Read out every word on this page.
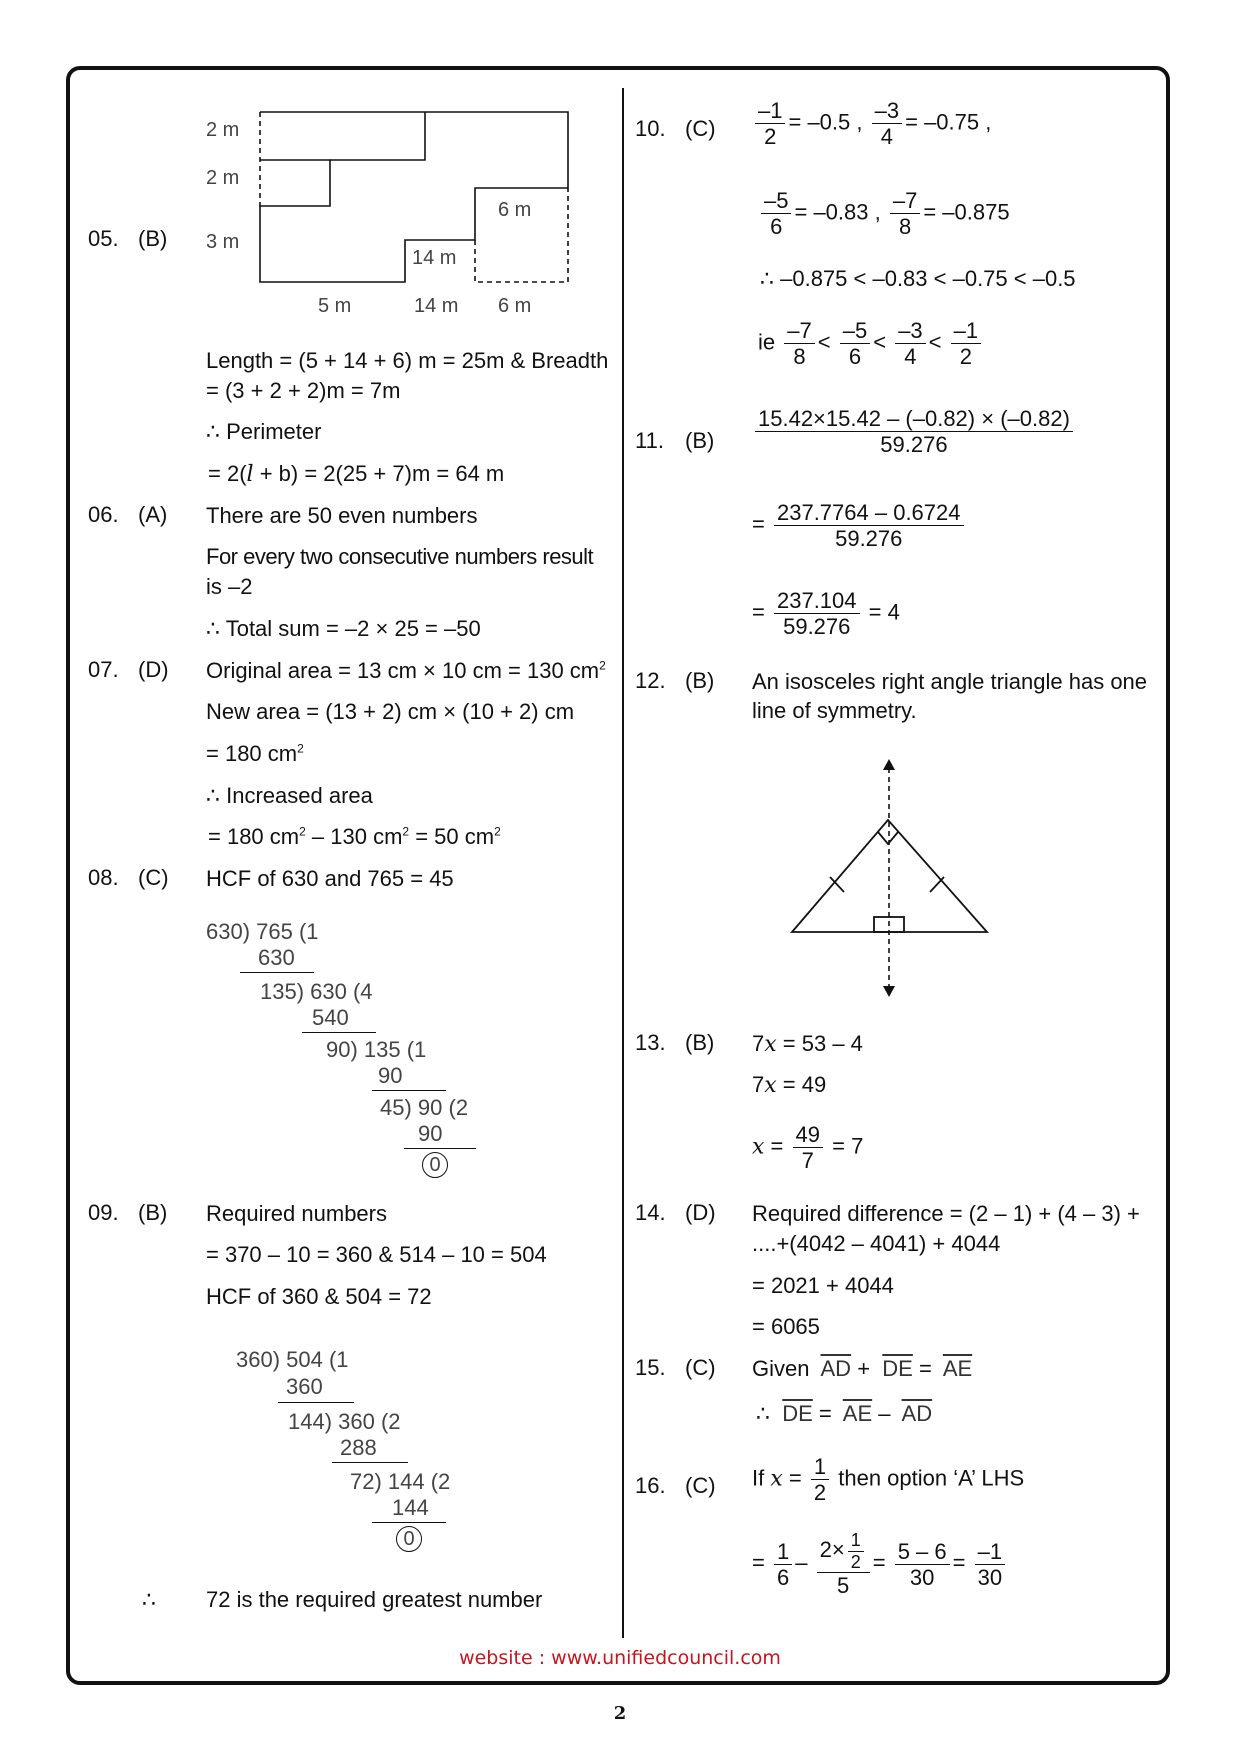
05. (B)
2 m
2 m
3 m
6 m
14 m
5 m	14 m 6 m
Length = (5 + 14 + 6) m = 25m & Breadth
= (3 + 2 + 2)m = 7m
∴ Perimeter
= 2(l + b) = 2(25 + 7)m = 64 m
06. (A) There are 50 even numbers
For every two consecutive numbers result
is –2
∴ Total sum = –2 × 25 = –50
07. (D) Original area = 13 cm × 10 cm = 130 $cm^2$
New area = (13 + 2) cm × (10 + 2) cm
= 180 $cm^2$
∴ Increased area
= 180 $cm^2 - 130$ $cm^2 = 50$ $cm^2$
08. (C) HCF of 630 and 765 = 45
630) 765 (1
630
135) 630 (4
540
90) 135 (1
90
45) 90 (2
90
0
09. (B) Required numbers
= 370 – 10 = 360 & 514 – 10 = 504
HCF of 360 & 504 = 72
360) 504 (1
360
144) 360 (2
288
72) 144 (2
144
0
∴ 72 is the required greatest number
10. $(C) \frac{-1}{2} = -0.5$ , $\frac{-3}{4} = -0.75$ ,
$\frac{-5}{6} = -0.83$ , $\frac{-7}{8} = -0.875$
∴ –0.875 < –0.83 < –0.75 < –0.5
ie $\frac{-7}{8} < \frac{-5}{6} < \frac{-3}{4} < \frac{-1}{2}$
11. $(B) \frac{15.42\times 15.42 - (-0.82) \times (-0.82)}{59.276}$
= $\frac{237.7764 - 0.6724}{59.276}$
= $\frac{237.104}{59.276} = 4$
12. (B) An isosceles right angle triangle has one
line of symmetry.
13. (B) 7x = 53 – 4
7x = 49
$x = \frac{49}{7} = 7$
14. (D) Required difference = (2 – 1) + (4 – 3) +
....+(4042 – 4041) + 4044
= 2021 + 4044
= 6065
15. (C) Given $\overline{AD} + \overline{DE} = \overline{AE}$
∴ $\overline{DE} = \overline{AE} - \overline{AD}$
16. (C) If $x = \frac{1}{2}$ then option ‘A’ LHS
= $\frac{1}{6} - \frac{2\times \frac{1}{2}}{5} = \frac{5 - 6}{30} = \frac{-1}{30}$
website : www.unifiedcouncil.com
2
